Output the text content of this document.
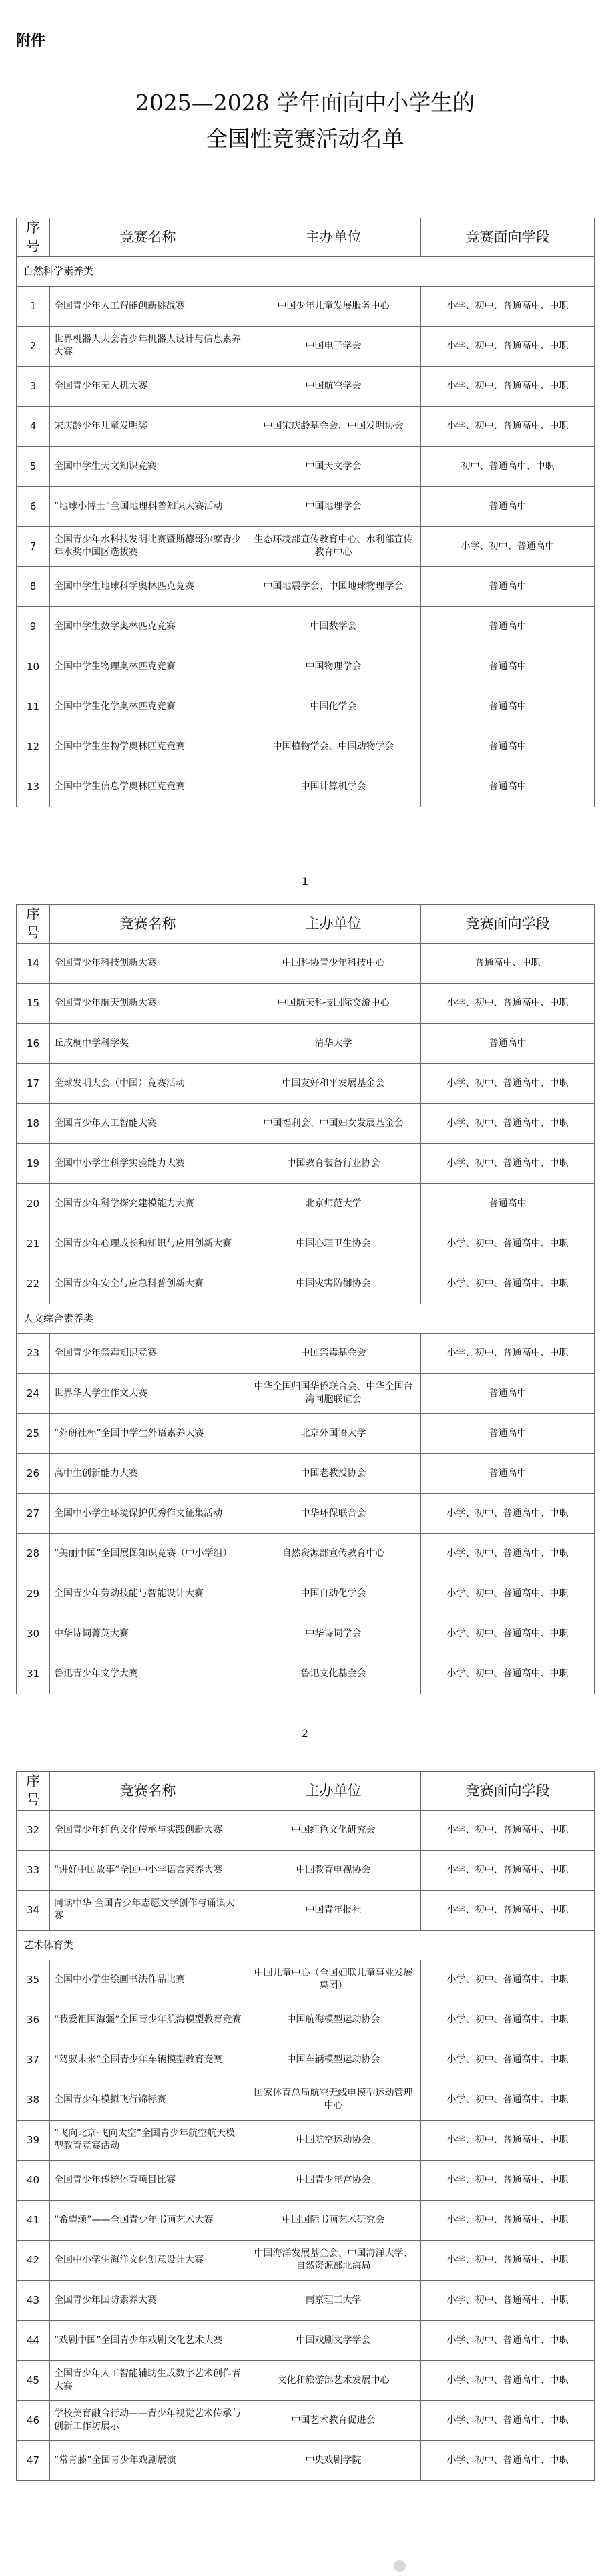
附件
2025—2028 学年面向中小学生的
全国性竞赛活动名单
序号	竞赛名称	主办单位	竞赛面向学段
自然科学素养类			
1	全国青少年人工智能创新挑战赛	中国少年儿童发展服务中心	小学、初中、普通高中、中职
2	世界机器人大会青少年机器人设计与信息素养大赛	中国电子学会	小学、初中、普通高中、中职
3	全国青少年无人机大赛	中国航空学会	小学、初中、普通高中、中职
4	宋庆龄少年儿童发明奖	中国宋庆龄基金会、中国发明协会	小学、初中、普通高中、中职
5	全国中学生天文知识竞赛	中国天文学会	初中、普通高中、中职
6	“地球小博士”全国地理科普知识大赛活动	中国地理学会	普通高中
7	全国青少年水科技发明比赛暨斯德哥尔摩青少年水奖中国区选拔赛	生态环境部宣传教育中心、水利部宣传教育中心	小学、初中、普通高中
8	全国中学生地球科学奥林匹克竞赛	中国地震学会、中国地球物理学会	普通高中
9	全国中学生数学奥林匹克竞赛	中国数学会	普通高中
10	全国中学生物理奥林匹克竞赛	中国物理学会	普通高中
11	全国中学生化学奥林匹克竞赛	中国化学会	普通高中
12	全国中学生生物学奥林匹克竞赛	中国植物学会、中国动物学会	普通高中
13	全国中学生信息学奥林匹克竞赛	中国计算机学会	普通高中
1
序号	竞赛名称	主办单位	竞赛面向学段
14	全国青少年科技创新大赛	中国科协青少年科技中心	普通高中、中职
15	全国青少年航天创新大赛	中国航天科技国际交流中心	小学、初中、普通高中、中职
16	丘成桐中学科学奖	清华大学	普通高中
17	全球发明大会（中国）竞赛活动	中国友好和平发展基金会	小学、初中、普通高中、中职
18	全国青少年人工智能大赛	中国福利会、中国妇女发展基金会	小学、初中、普通高中、中职
19	全国中小学生科学实验能力大赛	中国教育装备行业协会	小学、初中、普通高中、中职
20	全国青少年科学探究建模能力大赛	北京师范大学	普通高中
21	全国青少年心理成长和知识与应用创新大赛	中国心理卫生协会	小学、初中、普通高中、中职
22	全国青少年安全与应急科普创新大赛	中国灾害防御协会	小学、初中、普通高中、中职
人文综合素养类			
23	全国青少年禁毒知识竞赛	中国禁毒基金会	小学、初中、普通高中、中职
24	世界华人学生作文大赛	中华全国归国华侨联合会、中华全国台湾同胞联谊会	普通高中
25	“外研社杯”全国中学生外语素养大赛	北京外国语大学	普通高中
26	高中生创新能力大赛	中国老教授协会	普通高中
27	全国中小学生环境保护优秀作文征集活动	中华环保联合会	小学、初中、普通高中、中职
28	“美丽中国”全国展图知识竞赛（中小学组）	自然资源部宣传教育中心	小学、初中、普通高中、中职
29	全国青少年劳动技能与智能设计大赛	中国自动化学会	小学、初中、普通高中、中职
30	中华诗词菁英大赛	中华诗词学会	小学、初中、普通高中、中职
31	鲁迅青少年文学大赛	鲁迅文化基金会	小学、初中、普通高中、中职
2
序号	竞赛名称	主办单位	竞赛面向学段
32	全国青少年红色文化传承与实践创新大赛	中国红色文化研究会	小学、初中、普通高中、中职
33	“讲好中国故事”全国中小学语言素养大赛	中国教育电视协会	小学、初中、普通高中、中职
34	同读中华·全国青少年志愿文学创作与诵读大赛	中国青年报社	小学、初中、普通高中、中职
艺术体育类			
35	全国中小学生绘画书法作品比赛	中国儿童中心（全国妇联儿童事业发展集团）	小学、初中、普通高中、中职
36	“我爱祖国海疆”全国青少年航海模型教育竞赛	中国航海模型运动协会	小学、初中、普通高中、中职
37	“驾驭未来”全国青少年车辆模型教育竞赛	中国车辆模型运动协会	小学、初中、普通高中、中职
38	全国青少年模拟飞行锦标赛	国家体育总局航空无线电模型运动管理中心	小学、初中、普通高中、中职
39	“飞向北京·飞向太空”全国青少年航空航天模型教育竞赛活动	中国航空运动协会	小学、初中、普通高中、中职
40	全国青少年传统体育项目比赛	中国青少年宫协会	小学、初中、普通高中、中职
41	“希望颂”——全国青少年书画艺术大赛	中国国际书画艺术研究会	小学、初中、普通高中、中职
42	全国中小学生海洋文化创意设计大赛	中国海洋发展基金会、中国海洋大学、自然资源部北海局	小学、初中、普通高中、中职
43	全国青少年国防素养大赛	南京理工大学	小学、初中、普通高中、中职
44	“戏剧中国”全国青少年戏剧文化艺术大赛	中国戏剧文学学会	小学、初中、普通高中、中职
45	全国青少年人工智能辅助生成数字艺术创作者大赛	文化和旅游部艺术发展中心	小学、初中、普通高中、中职
46	学校美育融合行动——青少年视觉艺术传承与创新工作坊展示	中国艺术教育促进会	小学、初中、普通高中、中职
47	“常青藤”全国青少年戏剧展演	中央戏剧学院	小学、初中、普通高中、中职
